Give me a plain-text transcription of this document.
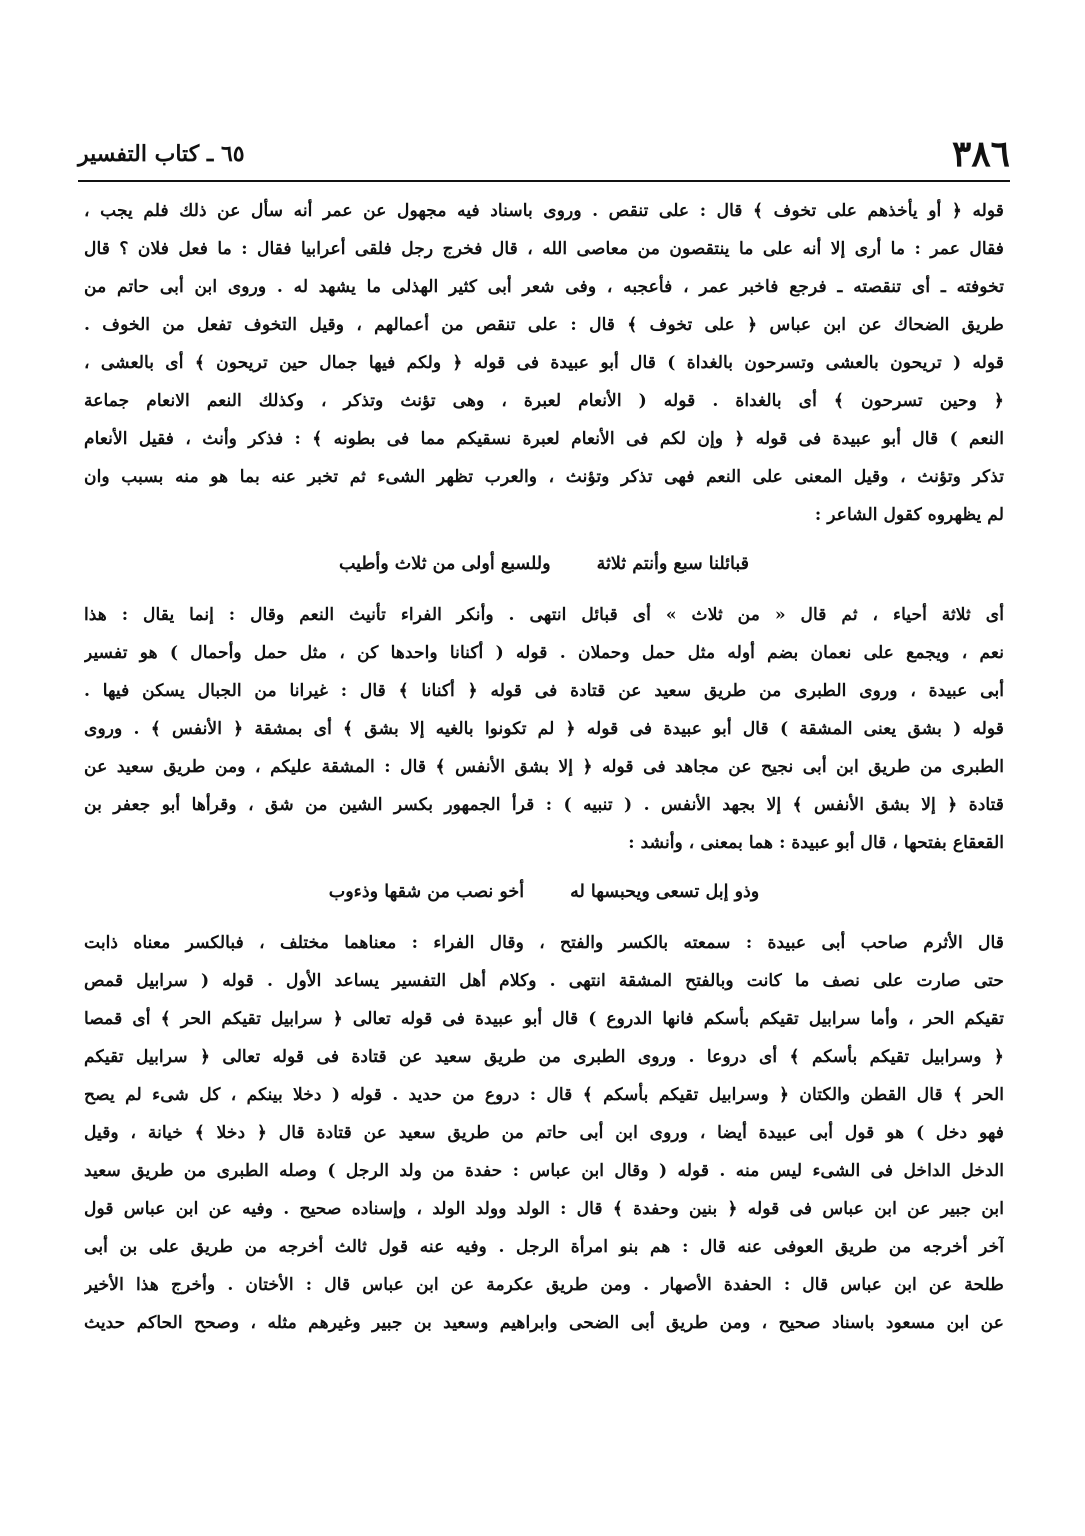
٣٨٦
٦٥ ـ كتاب التفسير
قوله ﴿ أو يأخذهم على تخوف ﴾ قال : على تنقص . وروى باسناد فيه مجهول عن عمر أنه سأل عن ذلك فلم يجب ،
فقال عمر : ما أرى إلا أنه على ما ينتقصون من معاصى الله ، قال فخرج رجل فلقى أعرابيا فقال : ما فعل فلان ؟ قال
تخوفته ـ أى تنقصته ـ فرجع فاخبر عمر ، فأعجبه ، وفى شعر أبى كثير الهذلى ما يشهد له . وروى ابن أبى حاتم من
طريق الضحاك عن ابن عباس ﴿ على تخوف ﴾ قال : على تنقص من أعمالهم ، وقيل التخوف تفعل من الخوف .
قوله ( تريحون بالعشى وتسرحون بالغداة ) قال أبو عبيدة فى قوله ﴿ ولكم فيها جمال حين تريحون ﴾ أى بالعشى ،
﴿ وحين تسرحون ﴾ أى بالغداة . قوله ( الأنعام لعبرة ، وهى تؤنث وتذكر ، وكذلك النعم الانعام جماعة
النعم ) قال أبو عبيدة فى قوله ﴿ وإن لكم فى الأنعام لعبرة نسقيكم مما فى بطونه ﴾ : فذكر وأنث ، فقيل الأنعام
تذكر وتؤنث ، وقيل المعنى على النعم فهى تذكر وتؤنث ، والعرب تظهر الشىء ثم تخبر عنه بما هو منه بسبب وان
لم يظهروه كقول الشاعر :
قبائلنا سبع وأنتم ثلاثة
وللسبع أولى من ثلاث وأطيب
أى ثلاثة أحياء ، ثم قال « من ثلاث » أى قبائل انتهى . وأنكر الفراء تأنيث النعم وقال : إنما يقال : هذا
نعم ، ويجمع على نعمان بضم أوله مثل حمل وحملان . قوله ( أكنانا واحدها كن ، مثل حمل وأحمال ) هو تفسير
أبى عبيدة ، وروى الطبرى من طريق سعيد عن قتادة فى قوله ﴿ أكنانا ﴾ قال : غيرانا من الجبال يسكن فيها .
قوله ( بشق يعنى المشقة ) قال أبو عبيدة فى قوله ﴿ لم تكونوا بالغيه إلا بشق ﴾ أى بمشقة ﴿ الأنفس ﴾ . وروى
الطبرى من طريق ابن أبى نجيح عن مجاهد فى قوله ﴿ إلا بشق الأنفس ﴾ قال : المشقة عليكم ، ومن طريق سعيد عن
قتادة ﴿ إلا بشق الأنفس ﴾ إلا بجهد الأنفس . ( تنبيه ) : قرأ الجمهور بكسر الشين من شق ، وقرأها أبو جعفر بن
القعقاع بفتحها ، قال أبو عبيدة : هما بمعنى ، وأنشد :
وذو إبل تسعى ويحبسها له
أخو نصب من شقها وذءوب
قال الأثرم صاحب أبى عبيدة : سمعته بالكسر والفتح ، وقال الفراء : معناهما مختلف ، فبالكسر معناه ذابت
حتى صارت على نصف ما كانت وبالفتح المشقة انتهى . وكلام أهل التفسير يساعد الأول . قوله ( سرابيل قمص
تقيكم الحر ، وأما سرابيل تقيكم بأسكم فانها الدروع ) قال أبو عبيدة فى قوله تعالى ﴿ سرابيل تقيكم الحر ﴾ أى قمصا
﴿ وسرابيل تقيكم بأسكم ﴾ أى دروعا . وروى الطبرى من طريق سعيد عن قتادة فى قوله تعالى ﴿ سرابيل تقيكم
الحر ﴾ قال القطن والكتان ﴿ وسرابيل تقيكم بأسكم ﴾ قال : دروع من حديد . قوله ( دخلا بينكم ، كل شىء لم يصح
فهو دخل ) هو قول أبى عبيدة أيضا ، وروى ابن أبى حاتم من طريق سعيد عن قتادة قال ﴿ دخلا ﴾ خيانة ، وقيل
الدخل الداخل فى الشىء ليس منه . قوله ( وقال ابن عباس : حفدة من ولد الرجل ) وصله الطبرى من طريق سعيد
ابن جبير عن ابن عباس فى قوله ﴿ بنين وحفدة ﴾ قال : الولد وولد الولد ، وإسناده صحيح . وفيه عن ابن عباس قول
آخر أخرجه من طريق العوفى عنه قال : هم بنو امرأة الرجل . وفيه عنه قول ثالث أخرجه من طريق على بن أبى
طلحة عن ابن عباس قال : الحفدة الأصهار . ومن طريق عكرمة عن ابن عباس قال : الأختان . وأخرج هذا الأخير
عن ابن مسعود باسناد صحيح ، ومن طريق أبى الضحى وابراهيم وسعيد بن جبير وغيرهم مثله ، وصحح الحاكم حديث
